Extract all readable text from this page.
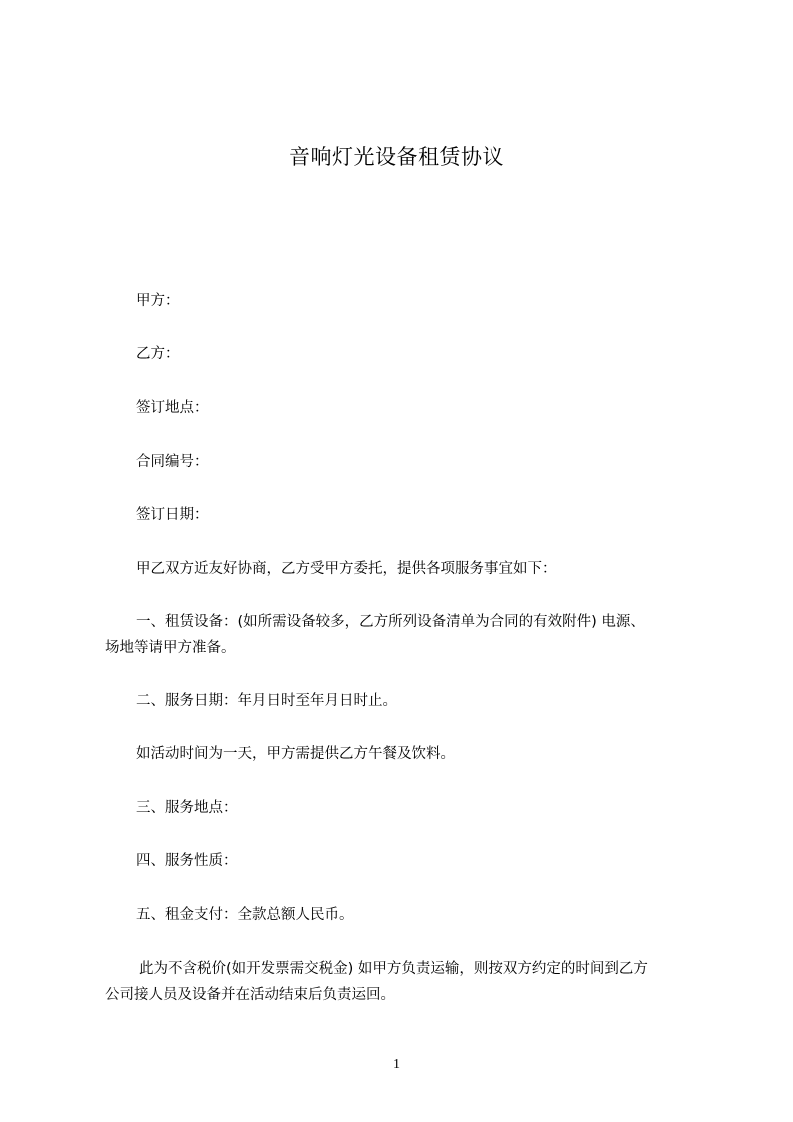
音响灯光设备租赁协议
甲方：
乙方：
签订地点：
合同编号：
签订日期：
甲乙双方近友好协商，乙方受甲方委托，提供各项服务事宜如下：
一、租赁设备：(如所需设备较多，乙方所列设备清单为合同的有效附件) 电源、
场地等请甲方准备。
二、服务日期：年月日时至年月日时止。
如活动时间为一天，甲方需提供乙方午餐及饮料。
三、服务地点：
四、服务性质：
五、租金支付：全款总额人民币。
此为不含税价(如开发票需交税金) 如甲方负责运输，则按双方约定的时间到乙方
公司接人员及设备并在活动结束后负责运回。
1
